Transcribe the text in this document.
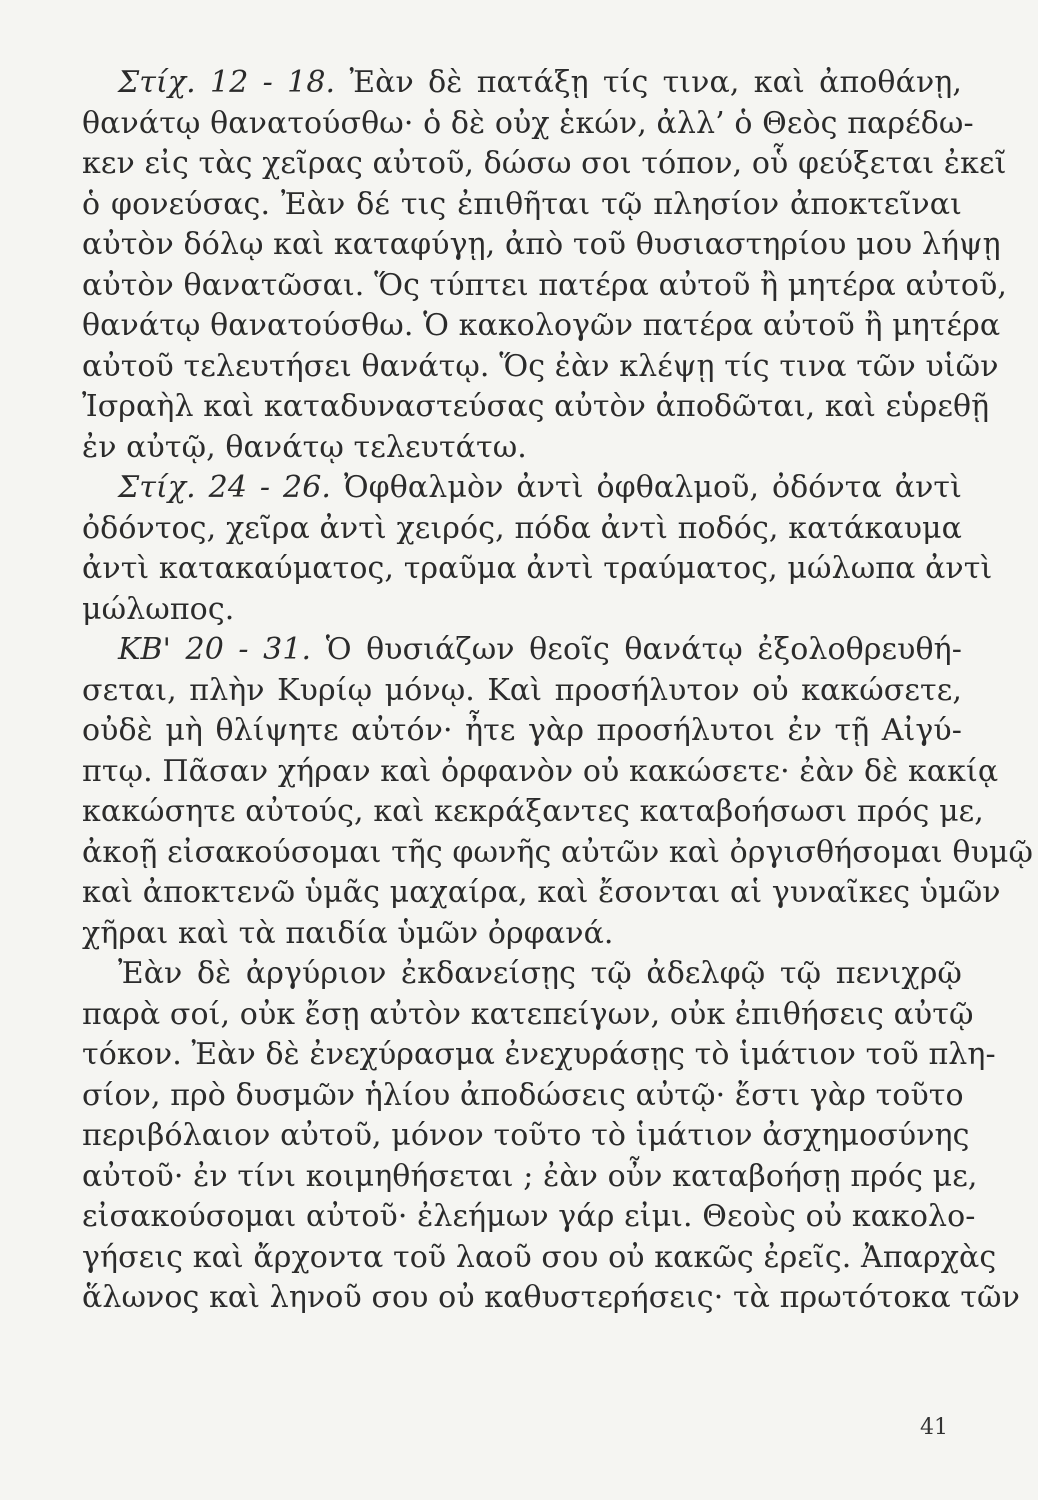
Στίχ. 12 - 18. Ἐὰν δὲ πατάξῃ τίς τινα, καὶ ἀποθάνῃ,
θανάτῳ θανατούσθω· ὁ δὲ οὐχ ἑκών, ἀλλ’ ὁ Θεὸς παρέδω-
κεν εἰς τὰς χεῖρας αὐτοῦ, δώσω σοι τόπον, οὗ φεύξεται ἐκεῖ
ὁ φονεύσας. Ἐὰν δέ τις ἐπιθῆται τῷ πλησίον ἀποκτεῖναι
αὐτὸν δόλῳ καὶ καταφύγῃ, ἀπὸ τοῦ θυσιαστηρίου μου λήψῃ
αὐτὸν θανατῶσαι. Ὅς τύπτει πατέρα αὐτοῦ ἢ μητέρα αὐτοῦ,
θανάτῳ θανατούσθω. Ὁ κακολογῶν πατέρα αὐτοῦ ἢ μητέρα
αὐτοῦ τελευτήσει θανάτῳ. Ὅς ἐὰν κλέψῃ τίς τινα τῶν υἱῶν
Ἰσραὴλ καὶ καταδυναστεύσας αὐτὸν ἀποδῶται, καὶ εὑρεθῇ
ἐν αὐτῷ, θανάτῳ τελευτάτω.
Στίχ. 24 - 26. Ὀφθαλμὸν ἀντὶ ὀφθαλμοῦ, ὀδόντα ἀντὶ
ὀδόντος, χεῖρα ἀντὶ χειρός, πόδα ἀντὶ ποδός, κατάκαυμα
ἀντὶ κατακαύματος, τραῦμα ἀντὶ τραύματος, μώλωπα ἀντὶ
μώλωπος.
ΚΒ' 20 - 31. Ὁ θυσιάζων θεοῖς θανάτῳ ἐξολοθρευθή-
σεται, πλὴν Κυρίῳ μόνῳ. Καὶ προσήλυτον οὐ κακώσετε,
οὐδὲ μὴ θλίψητε αὐτόν· ἦτε γὰρ προσήλυτοι ἐν τῇ Αἰγύ-
πτῳ. Πᾶσαν χήραν καὶ ὀρφανὸν οὐ κακώσετε· ἐὰν δὲ κακίᾳ
κακώσητε αὐτούς, καὶ κεκράξαντες καταβοήσωσι πρός με,
ἀκοῇ εἰσακούσομαι τῆς φωνῆς αὐτῶν καὶ ὀργισθήσομαι θυμῷ
καὶ ἀποκτενῶ ὑμᾶς μαχαίρα, καὶ ἔσονται αἱ γυναῖκες ὑμῶν
χῆραι καὶ τὰ παιδία ὑμῶν ὀρφανά.
Ἐὰν δὲ ἀργύριον ἐκδανείσῃς τῷ ἀδελφῷ τῷ πενιχρῷ
παρὰ σοί, οὐκ ἔσῃ αὐτὸν κατεπείγων, οὐκ ἐπιθήσεις αὐτῷ
τόκον. Ἐὰν δὲ ἐνεχύρασμα ἐνεχυράσῃς τὸ ἱμάτιον τοῦ πλη-
σίον, πρὸ δυσμῶν ἡλίου ἀποδώσεις αὐτῷ· ἔστι γὰρ τοῦτο
περιβόλαιον αὐτοῦ, μόνον τοῦτο τὸ ἱμάτιον ἀσχημοσύνης
αὐτοῦ· ἐν τίνι κοιμηθήσεται ; ἐὰν οὖν καταβοήσῃ πρός με,
εἰσακούσομαι αὐτοῦ· ἐλεήμων γάρ εἰμι. Θεοὺς οὐ κακολο-
γήσεις καὶ ἄρχοντα τοῦ λαοῦ σου οὐ κακῶς ἐρεῖς. Ἀπαρχὰς
ἅλωνος καὶ ληνοῦ σου οὐ καθυστερήσεις· τὰ πρωτότοκα τῶν
41
